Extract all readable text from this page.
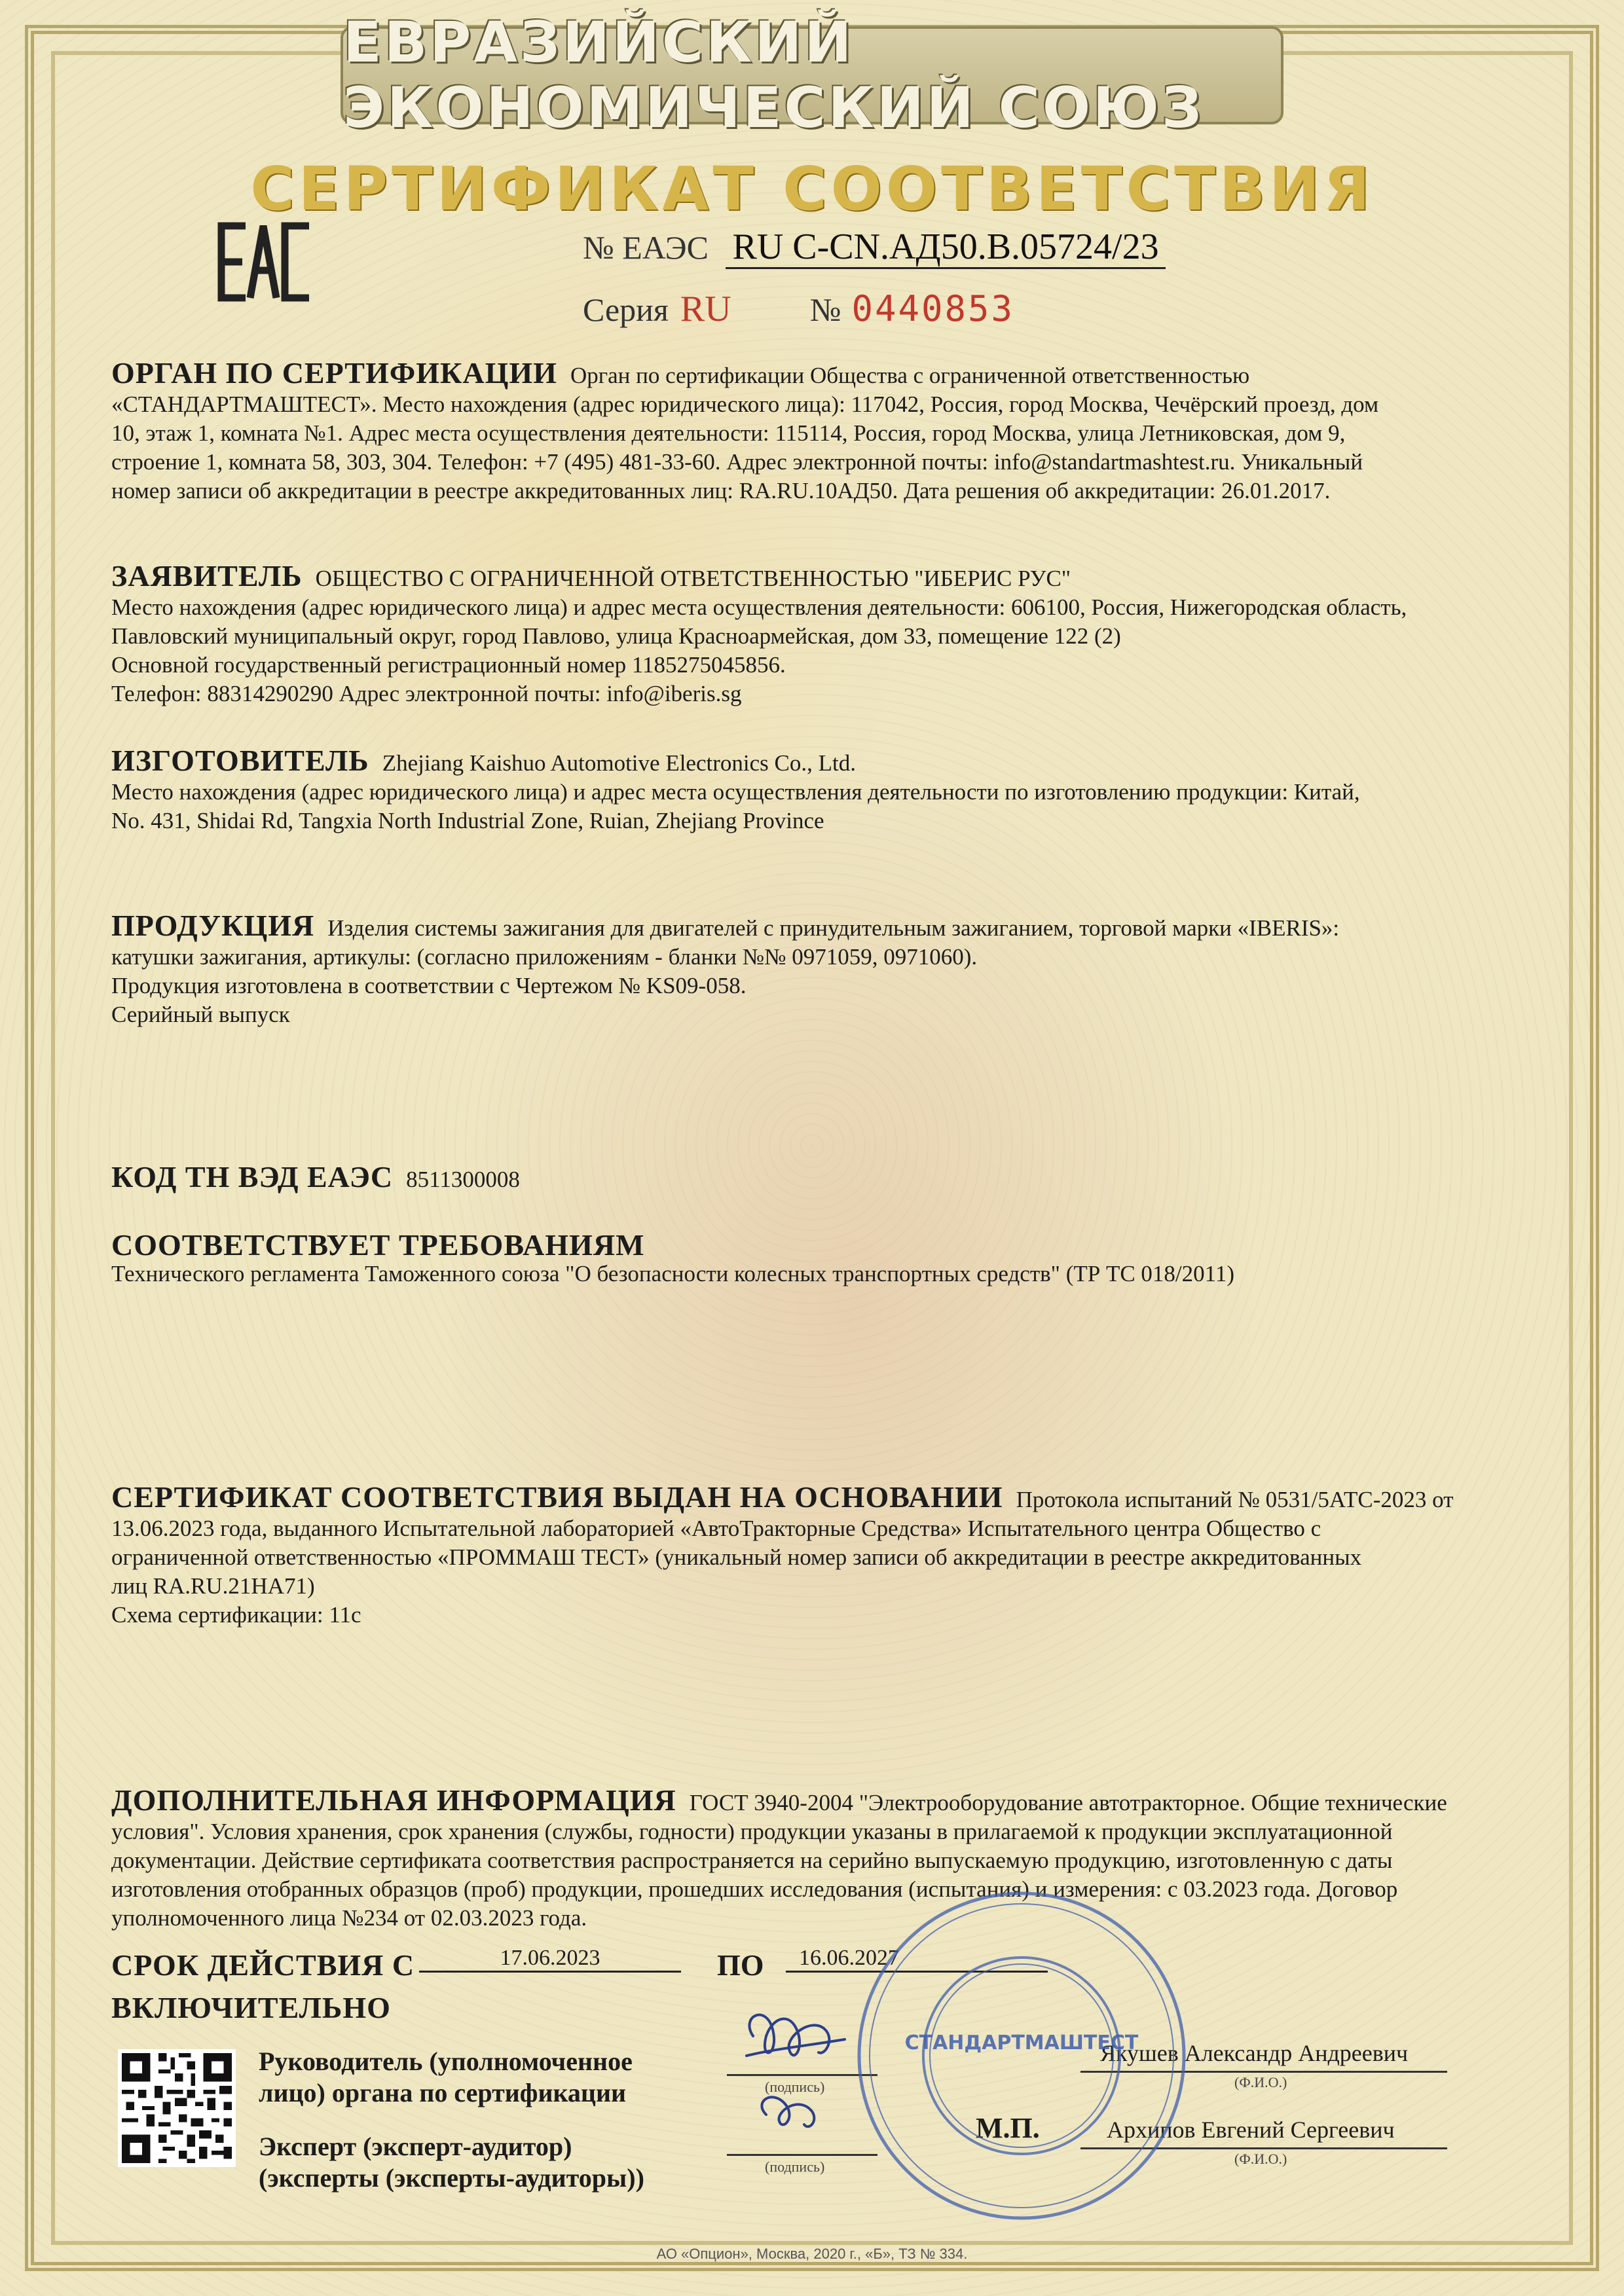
ЕВРАЗИЙСКИЙ ЭКОНОМИЧЕСКИЙ СОЮЗ
СЕРТИФИКАТ СООТВЕТСТВИЯ
№ ЕАЭС RU C-CN.АД50.В.05724/23
Серия RU № 0440853
ОРГАН ПО СЕРТИФИКАЦИИ Орган по сертификации Общества с ограниченной ответственностью
«СТАНДАРТМАШТЕСТ». Место нахождения (адрес юридического лица): 117042, Россия, город Москва, Чечёрский проезд, дом
10, этаж 1, комната №1. Адрес места осуществления деятельности: 115114, Россия, город Москва, улица Летниковская, дом 9,
строение 1, комната 58, 303, 304. Телефон: +7 (495) 481-33-60. Адрес электронной почты: info@standartmashtest.ru. Уникальный
номер записи об аккредитации в реестре аккредитованных лиц: RA.RU.10АД50. Дата решения об аккредитации: 26.01.2017.
ЗАЯВИТЕЛЬ ОБЩЕСТВО С ОГРАНИЧЕННОЙ ОТВЕТСТВЕННОСТЬЮ "ИБЕРИС РУС"
Место нахождения (адрес юридического лица) и адрес места осуществления деятельности: 606100, Россия, Нижегородская область,
Павловский муниципальный округ, город Павлово, улица Красноармейская, дом 33, помещение 122 (2)
Основной государственный регистрационный номер 1185275045856.
Телефон: 88314290290 Адрес электронной почты: info@iberis.sg
ИЗГОТОВИТЕЛЬ Zhejiang Kaishuo Automotive Electronics Co., Ltd.
Место нахождения (адрес юридического лица) и адрес места осуществления деятельности по изготовлению продукции: Китай,
No. 431, Shidai Rd, Tangxia North Industrial Zone, Ruian, Zhejiang Province
ПРОДУКЦИЯ Изделия системы зажигания для двигателей с принудительным зажиганием, торговой марки «IBERIS»:
катушки зажигания, артикулы: (согласно приложениям - бланки №№ 0971059, 0971060).
Продукция изготовлена в соответствии с Чертежом № KS09-058.
Серийный выпуск
КОД ТН ВЭД ЕАЭС 8511300008
СООТВЕТСТВУЕТ ТРЕБОВАНИЯМ
Технического регламента Таможенного союза "О безопасности колесных транспортных средств" (ТР ТС 018/2011)
СЕРТИФИКАТ СООТВЕТСТВИЯ ВЫДАН НА ОСНОВАНИИ Протокола испытаний № 0531/5АТС-2023 от
13.06.2023 года, выданного Испытательной лабораторией «АвтоТракторные Средства» Испытательного центра Общество с
ограниченной ответственностью «ПРОММАШ ТЕСТ» (уникальный номер записи об аккредитации в реестре аккредитованных
лиц RA.RU.21НА71)
Схема сертификации: 11с
ДОПОЛНИТЕЛЬНАЯ ИНФОРМАЦИЯ ГОСТ 3940-2004 "Электрооборудование автотракторное. Общие технические
условия". Условия хранения, срок хранения (службы, годности) продукции указаны в прилагаемой к продукции эксплуатационной
документации. Действие сертификата соответствия распространяется на серийно выпускаемую продукцию, изготовленную с даты
изготовления отобранных образцов (проб) продукции, прошедших исследования (испытания) и измерения: с 03.2023 года. Договор
уполномоченного лица №234 от 02.03.2023 года.
СРОК ДЕЙСТВИЯ С	17.06.2023	ПО	16.06.2027
ВКЛЮЧИТЕЛЬНО
Руководитель (уполномоченное
лицо) органа по сертификации
Эксперт (эксперт-аудитор)
(эксперты (эксперты-аудиторы))
(подпись)
(подпись)
Якушев Александр Андреевич
(Ф.И.О.)
Архипов Евгений Сергеевич
(Ф.И.О.)
М.П.
СТАНДАРТМАШТЕСТ
АО «Опцион», Москва, 2020 г., «Б», ТЗ № 334.
